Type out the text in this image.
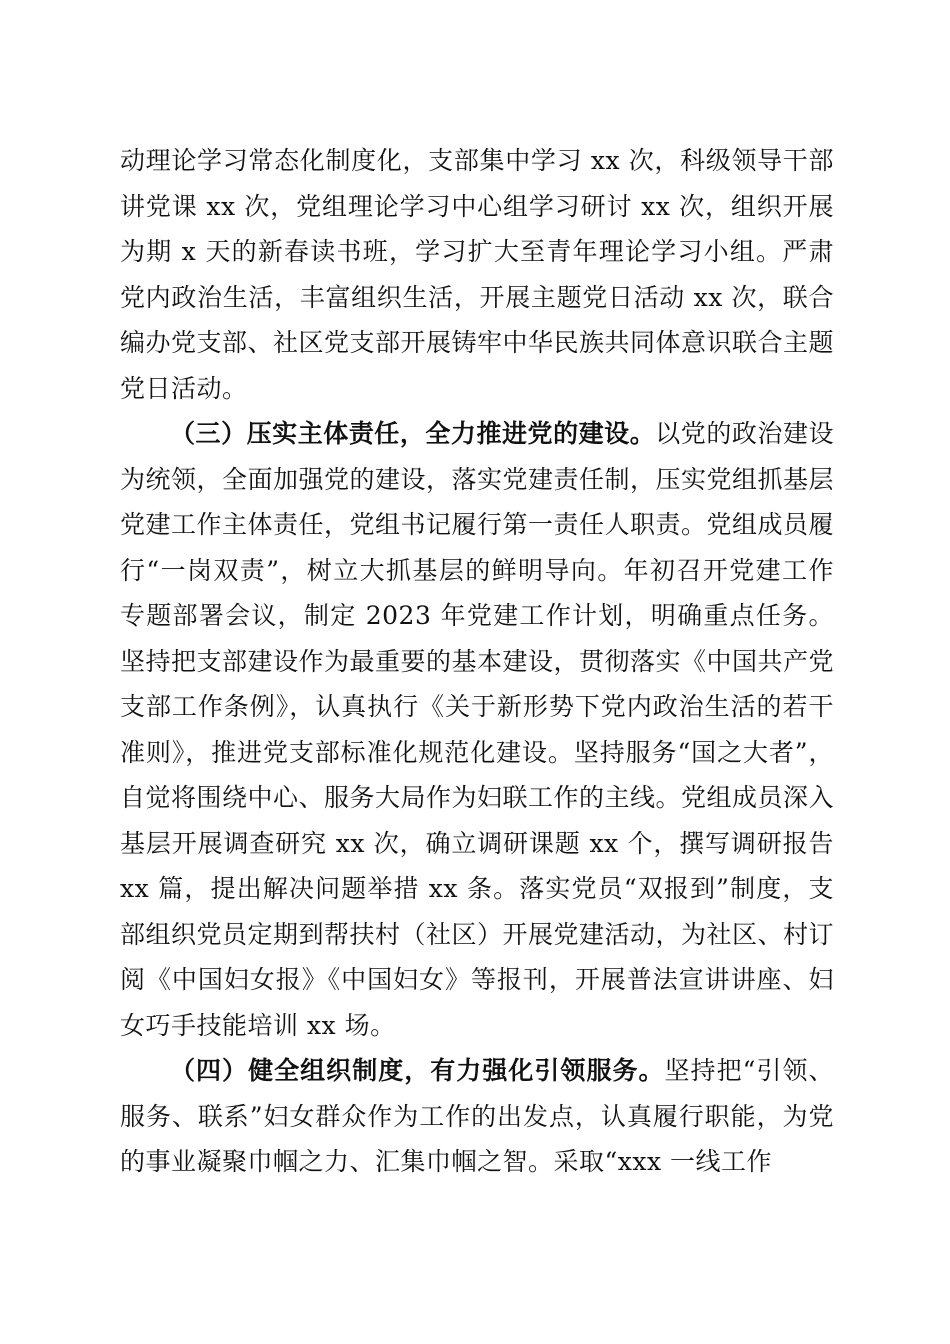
动理论学习常态化制度化，支部集中学习 xx 次，科级领导干部讲党课 xx 次，党组理论学习中心组学习研讨 xx 次，组织开展为期 x 天的新春读书班，学习扩大至青年理论学习小组。严肃党内政治生活，丰富组织生活，开展主题党日活动 xx 次，联合编办党支部、社区党支部开展铸牢中华民族共同体意识联合主题党日活动。

（三）压实主体责任，全力推进党的建设。以党的政治建设为统领，全面加强党的建设，落实党建责任制，压实党组抓基层党建工作主体责任，党组书记履行第一责任人职责。党组成员履行“一岗双责”，树立大抓基层的鲜明导向。年初召开党建工作专题部署会议，制定 2023 年党建工作计划，明确重点任务。坚持把支部建设作为最重要的基本建设，贯彻落实《中国共产党支部工作条例》，认真执行《关于新形势下党内政治生活的若干准则》，推进党支部标准化规范化建设。坚持服务“国之大者”，自觉将围绕中心、服务大局作为妇联工作的主线。党组成员深入基层开展调查研究 xx 次，确立调研课题 xx 个，撰写调研报告 xx 篇，提出解决问题举措 xx 条。落实党员“双报到”制度，支部组织党员定期到帮扶村（社区）开展党建活动，为社区、村订阅《中国妇女报》《中国妇女》等报刊，开展普法宣讲讲座、妇女巧手技能培训 xx 场。

（四）健全组织制度，有力强化引领服务。坚持把“引领、服务、联系”妇女群众作为工作的出发点，认真履行职能，为党的事业凝聚巾帼之力、汇集巾帼之智。采取“xxx 一线工作
